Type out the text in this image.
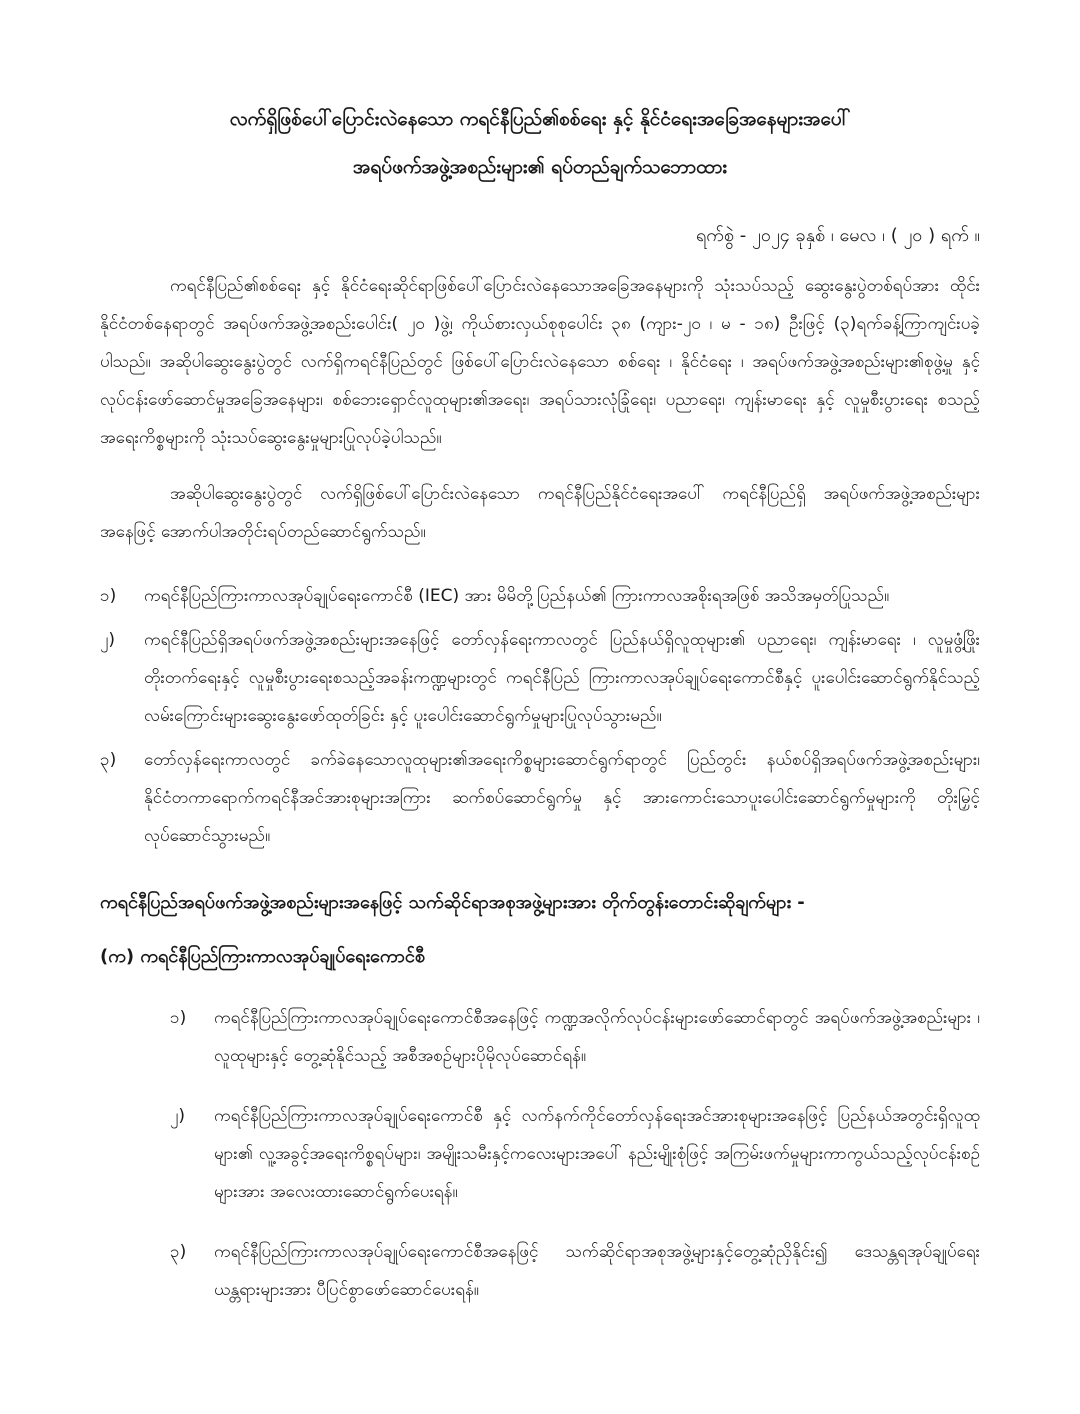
လက်ရှိဖြစ်ပေါ်ပြောင်းလဲနေသော ကရင်နီပြည်၏စစ်ရေး နှင့် နိုင်ငံရေးအခြေအနေများအပေါ်
အရပ်ဖက်အဖွဲ့အစည်းများ၏ ရပ်တည်ချက်သဘောထား

ရက်စွဲ - ၂၀၂၄ ခုနှစ် ၊ မေလ ၊ ( ၂၀ ) ရက် ။

ကရင်နီပြည်၏စစ်ရေး နှင့် နိုင်ငံရေးဆိုင်ရာဖြစ်ပေါ်ပြောင်းလဲနေသောအခြေအနေများကို သုံးသပ်သည့် ဆွေးနွေးပွဲတစ်ရပ်အား ထိုင်းနိုင်ငံတစ်နေရာတွင် အရပ်ဖက်အဖွဲ့အစည်းပေါင်း( ၂၀ )ဖွဲ့၊ ကိုယ်စားလှယ်စုစုပေါင်း ၃၈ (ကျား-၂၀ ၊ မ - ၁၈) ဦးဖြင့် (၃)ရက်ခန့်ကြာကျင်းပခဲ့ပါသည်။ အဆိုပါဆွေးနွေးပွဲတွင် လက်ရှိကရင်နီပြည်တွင် ဖြစ်ပေါ်ပြောင်းလဲနေသော စစ်ရေး ၊ နိုင်ငံရေး ၊ အရပ်ဖက်အဖွဲ့အစည်းများ၏စုဖွဲ့မှု နှင့် လုပ်ငန်းဖော်ဆောင်မှုအခြေအနေများ၊ စစ်ဘေးရှောင်လူထုများ၏အရေး၊ အရပ်သားလုံခြုံရေး၊ ပညာရေး၊ ကျန်းမာရေး နှင့် လူမှုစီးပွားရေး စသည့်အရေးကိစ္စများကို သုံးသပ်ဆွေးနွေးမှုများပြုလုပ်ခဲ့ပါသည်။

အဆိုပါဆွေးနွေးပွဲတွင် လက်ရှိဖြစ်ပေါ်ပြောင်းလဲနေသော ကရင်နီပြည်နိုင်ငံရေးအပေါ် ကရင်နီပြည်ရှိ အရပ်ဖက်အဖွဲ့အစည်းများအနေဖြင့် အောက်ပါအတိုင်းရပ်တည်ဆောင်ရွက်သည်။

၁)	ကရင်နီပြည်ကြားကာလအုပ်ချုပ်ရေးကောင်စီ (IEC) အား မိမိတို့ပြည်နယ်၏ ကြားကာလအစိုးရအဖြစ် အသိအမှတ်ပြုသည်။
၂)	ကရင်နီပြည်ရှိအရပ်ဖက်အဖွဲ့အစည်းများအနေဖြင့် တော်လှန်ရေးကာလတွင် ပြည်နယ်ရှိလူထုများ၏ ပညာရေး၊ ကျန်းမာရေး ၊ လူမှုဖွံ့ဖြိုးတိုးတက်ရေးနှင့် လူမှုစီးပွားရေးစသည့်အခန်းကဏ္ဍများတွင် ကရင်နီပြည် ကြားကာလအုပ်ချုပ်ရေးကောင်စီနှင့် ပူးပေါင်းဆောင်ရွက်နိုင်သည့် လမ်းကြောင်းများဆွေးနွေးဖော်ထုတ်ခြင်း နှင့် ပူးပေါင်းဆောင်ရွက်မှုများပြုလုပ်သွားမည်။
၃)	တော်လှန်ရေးကာလတွင် ခက်ခဲနေသောလူထုများ၏အရေးကိစ္စများဆောင်ရွက်ရာတွင် ပြည်တွင်း နယ်စပ်ရှိအရပ်ဖက်အဖွဲ့အစည်းများ၊ နိုင်ငံတကာရောက်ကရင်နီအင်အားစုများအကြား ဆက်စပ်ဆောင်ရွက်မှု နှင့် အားကောင်းသောပူးပေါင်းဆောင်ရွက်မှုများကို တိုးမြှင့်လုပ်ဆောင်သွားမည်။
ကရင်နီပြည်အရပ်ဖက်အဖွဲ့အစည်းများအနေဖြင့် သက်ဆိုင်ရာအစုအဖွဲ့များအား တိုက်တွန်းတောင်းဆိုချက်များ -
(က) ကရင်နီပြည်ကြားကာလအုပ်ချုပ်ရေးကောင်စီ
၁)	ကရင်နီပြည်ကြားကာလအုပ်ချုပ်ရေးကောင်စီအနေဖြင့် ကဏ္ဍအလိုက်လုပ်ငန်းများဖော်ဆောင်ရာတွင် အရပ်ဖက်အဖွဲ့အစည်းများ ၊ လူထုများနှင့် တွေ့ဆုံနိုင်သည့် အစီအစဉ်များပိုမိုလုပ်ဆောင်ရန်။
၂)	ကရင်နီပြည်ကြားကာလအုပ်ချုပ်ရေးကောင်စီ နှင့် လက်နက်ကိုင်တော်လှန်ရေးအင်အားစုများအနေဖြင့် ပြည်နယ်အတွင်းရှိလူထုများ၏ လူ့အခွင့်အရေးကိစ္စရပ်များ၊ အမျိုးသမီးနှင့်ကလေးများအပေါ် နည်းမျိုးစုံဖြင့် အကြမ်းဖက်မှုများကာကွယ်သည့်လုပ်ငန်းစဉ်များအား အလေးထားဆောင်ရွက်ပေးရန်။
၃)	ကရင်နီပြည်ကြားကာလအုပ်ချုပ်ရေးကောင်စီအနေဖြင့် သက်ဆိုင်ရာအစုအဖွဲ့များနှင့်တွေ့ဆုံညှိနိုင်း၍ ဒေသန္တရအုပ်ချုပ်ရေးယန္တရားများအား ပီပြင်စွာဖော်ဆောင်ပေးရန်။
